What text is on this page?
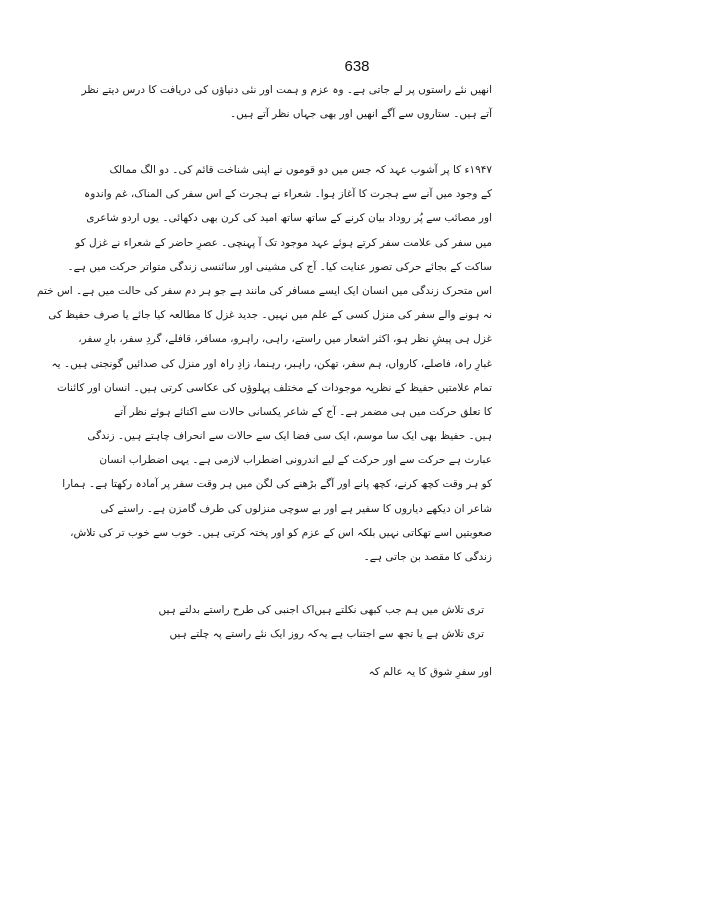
638
انھیں نئے راستوں پر لے جاتی ہے۔ وہ عزم و ہمت اور نئی دنیاؤں کی دریافت کا درس دیتے نظر
آتے ہیں۔ ستاروں سے آگے انھیں اور بھی جہاں نظر آتے ہیں۔
۱۹۴۷ء کا پر آشوب عہد کہ جس میں دو قوموں نے اپنی شناخت قائم کی۔ دو الگ ممالک
کے وجود میں آنے سے ہجرت کا آغاز ہوا۔ شعراء نے ہجرت کے اس سفر کی المناک، غم واندوہ
اور مصائب سے پُر روداد بیان کرنے کے ساتھ ساتھ امید کی کرن بھی دکھائی۔ یوں اردو شاعری
میں سفر کی علامت سفر کرتے ہوئے عہد موجود تک آ پہنچی۔ عصرِ حاضر کے شعراء نے غزل کو
ساکت کے بجائے حرکی تصور عنایت کیا۔ آج کی مشینی اور سائنسی زندگی متواتر حرکت میں ہے۔
اس متحرک زندگی میں انسان ایک ایسے مسافر کی مانند ہے جو ہر دم سفر کی حالت میں ہے۔ اس ختم
نہ ہونے والے سفر کی منزل کسی کے علم میں نہیں۔ جدید غزل کا مطالعہ کیا جائے یا صرف حفیظ کی
غزل ہی پیشِ نظر ہو، اکثر اشعار میں راستے، راہی، راہرو، مسافر، قافلے، گردِ سفر، بارِ سفر،
غبارِ راہ، فاصلے، کارواں، ہم سفر، تھکن، راہبر، رہنما، زادِ راہ اور منزل کی صدائیں گونجتی ہیں۔ یہ
تمام علامتیں حفیظ کے نظریہ موجودات کے مختلف پہلوؤں کی عکاسی کرتی ہیں۔ انسان اور کائنات
کا تعلق حرکت میں ہی مضمر ہے۔ آج کے شاعر یکسانی حالات سے اکتائے ہوئے نظر آتے
ہیں۔ حفیظ بھی ایک سا موسم، ایک سی فضا ایک سے حالات سے انحراف چاہتے ہیں۔ زندگی
عبارت ہے حرکت سے اور حرکت کے لیے اندرونی اضطراب لازمی ہے۔ یہی اضطراب انسان
کو ہر وقت کچھ کرنے، کچھ پانے اور آگے بڑھنے کی لگن میں ہر وقت سفر پر آمادہ رکھتا ہے۔ ہمارا
شاعر ان دیکھے دیاروں کا سفیر ہے اور بے سوچی منزلوں کی طرف گامزن ہے۔ راستے کی
صعوبتیں اسے تھکاتی نہیں بلکہ اس کے عزم کو اور پختہ کرتی ہیں۔ خوب سے خوب تر کی تلاش،
زندگی کا مقصد بن جاتی ہے۔
تری تلاش میں ہم جب کبھی نکلتے ہیں
اک اجنبی کی طرح راستے بدلتے ہیں
تری تلاش ہے یا تجھ سے اجتناب ہے یہ
کہ روز ایک نئے راستے پہ چلتے ہیں
اور سفرِ شوق کا یہ عالم کہ
